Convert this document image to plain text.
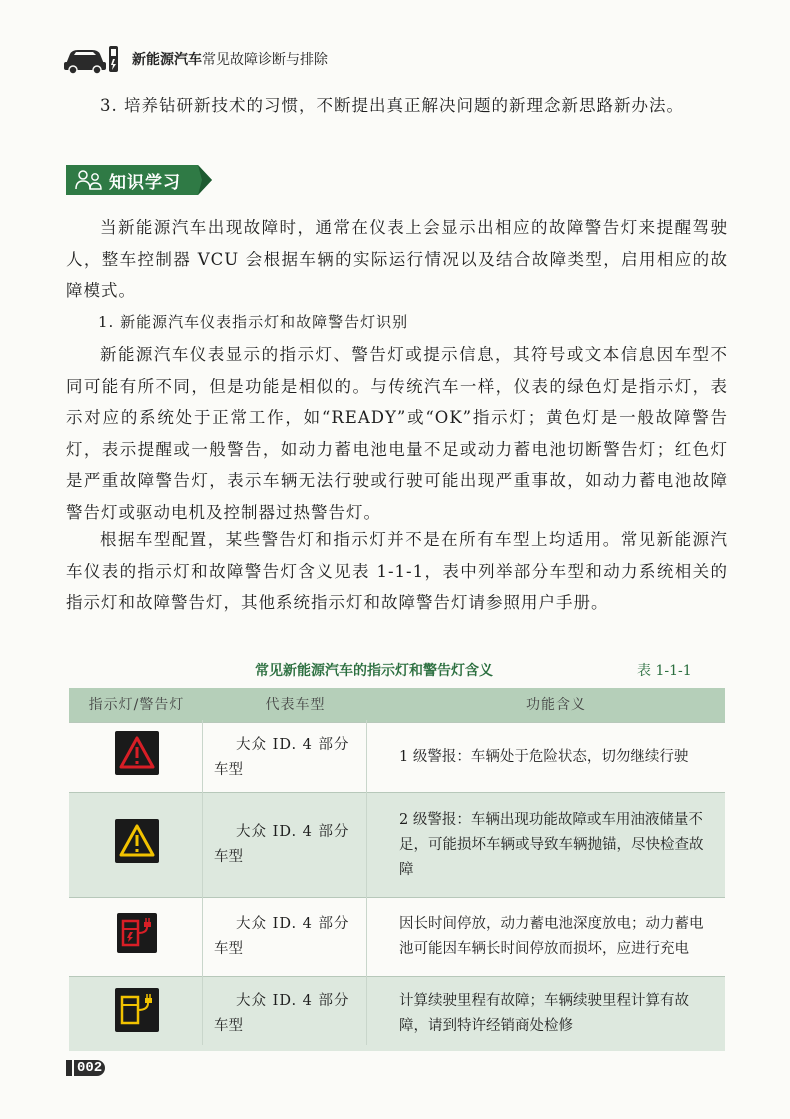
新能源汽车常见故障诊断与排除

3. 培养钻研新技术的习惯，不断提出真正解决问题的新理念新思路新办法。

知识学习

当新能源汽车出现故障时，通常在仪表上会显示出相应的故障警告灯来提醒驾驶人，整车控制器 VCU 会根据车辆的实际运行情况以及结合故障类型，启用相应的故障模式。

1. 新能源汽车仪表指示灯和故障警告灯识别

新能源汽车仪表显示的指示灯、警告灯或提示信息，其符号或文本信息因车型不同可能有所不同，但是功能是相似的。与传统汽车一样，仪表的绿色灯是指示灯，表示对应的系统处于正常工作，如“READY”或“OK”指示灯；黄色灯是一般故障警告灯，表示提醒或一般警告，如动力蓄电池电量不足或动力蓄电池切断警告灯；红色灯是严重故障警告灯，表示车辆无法行驶或行驶可能出现严重事故，如动力蓄电池故障警告灯或驱动电机及控制器过热警告灯。

根据车型配置，某些警告灯和指示灯并不是在所有车型上均适用。常见新能源汽车仪表的指示灯和故障警告灯含义见表 1-1-1，表中列举部分车型和动力系统相关的指示灯和故障警告灯，其他系统指示灯和故障警告灯请参照用户手册。

常见新能源汽车的指示灯和警告灯含义	表 1-1-1
指示灯/警告灯	代表车型	功能含义

大众 ID. 4 部分
车型	1 级警报：车辆处于危险状态，切勿继续行驶

大众 ID. 4 部分
车型	2 级警报：车辆出现功能故障或车用油液储量不足，可能损坏车辆或导致车辆抛锚，尽快检查故障

大众 ID. 4 部分
车型	因长时间停放，动力蓄电池深度放电；动力蓄电池可能因车辆长时间停放而损坏，应进行充电

大众 ID. 4 部分
车型	计算续驶里程有故障；车辆续驶里程计算有故障，请到特许经销商处检修
002
